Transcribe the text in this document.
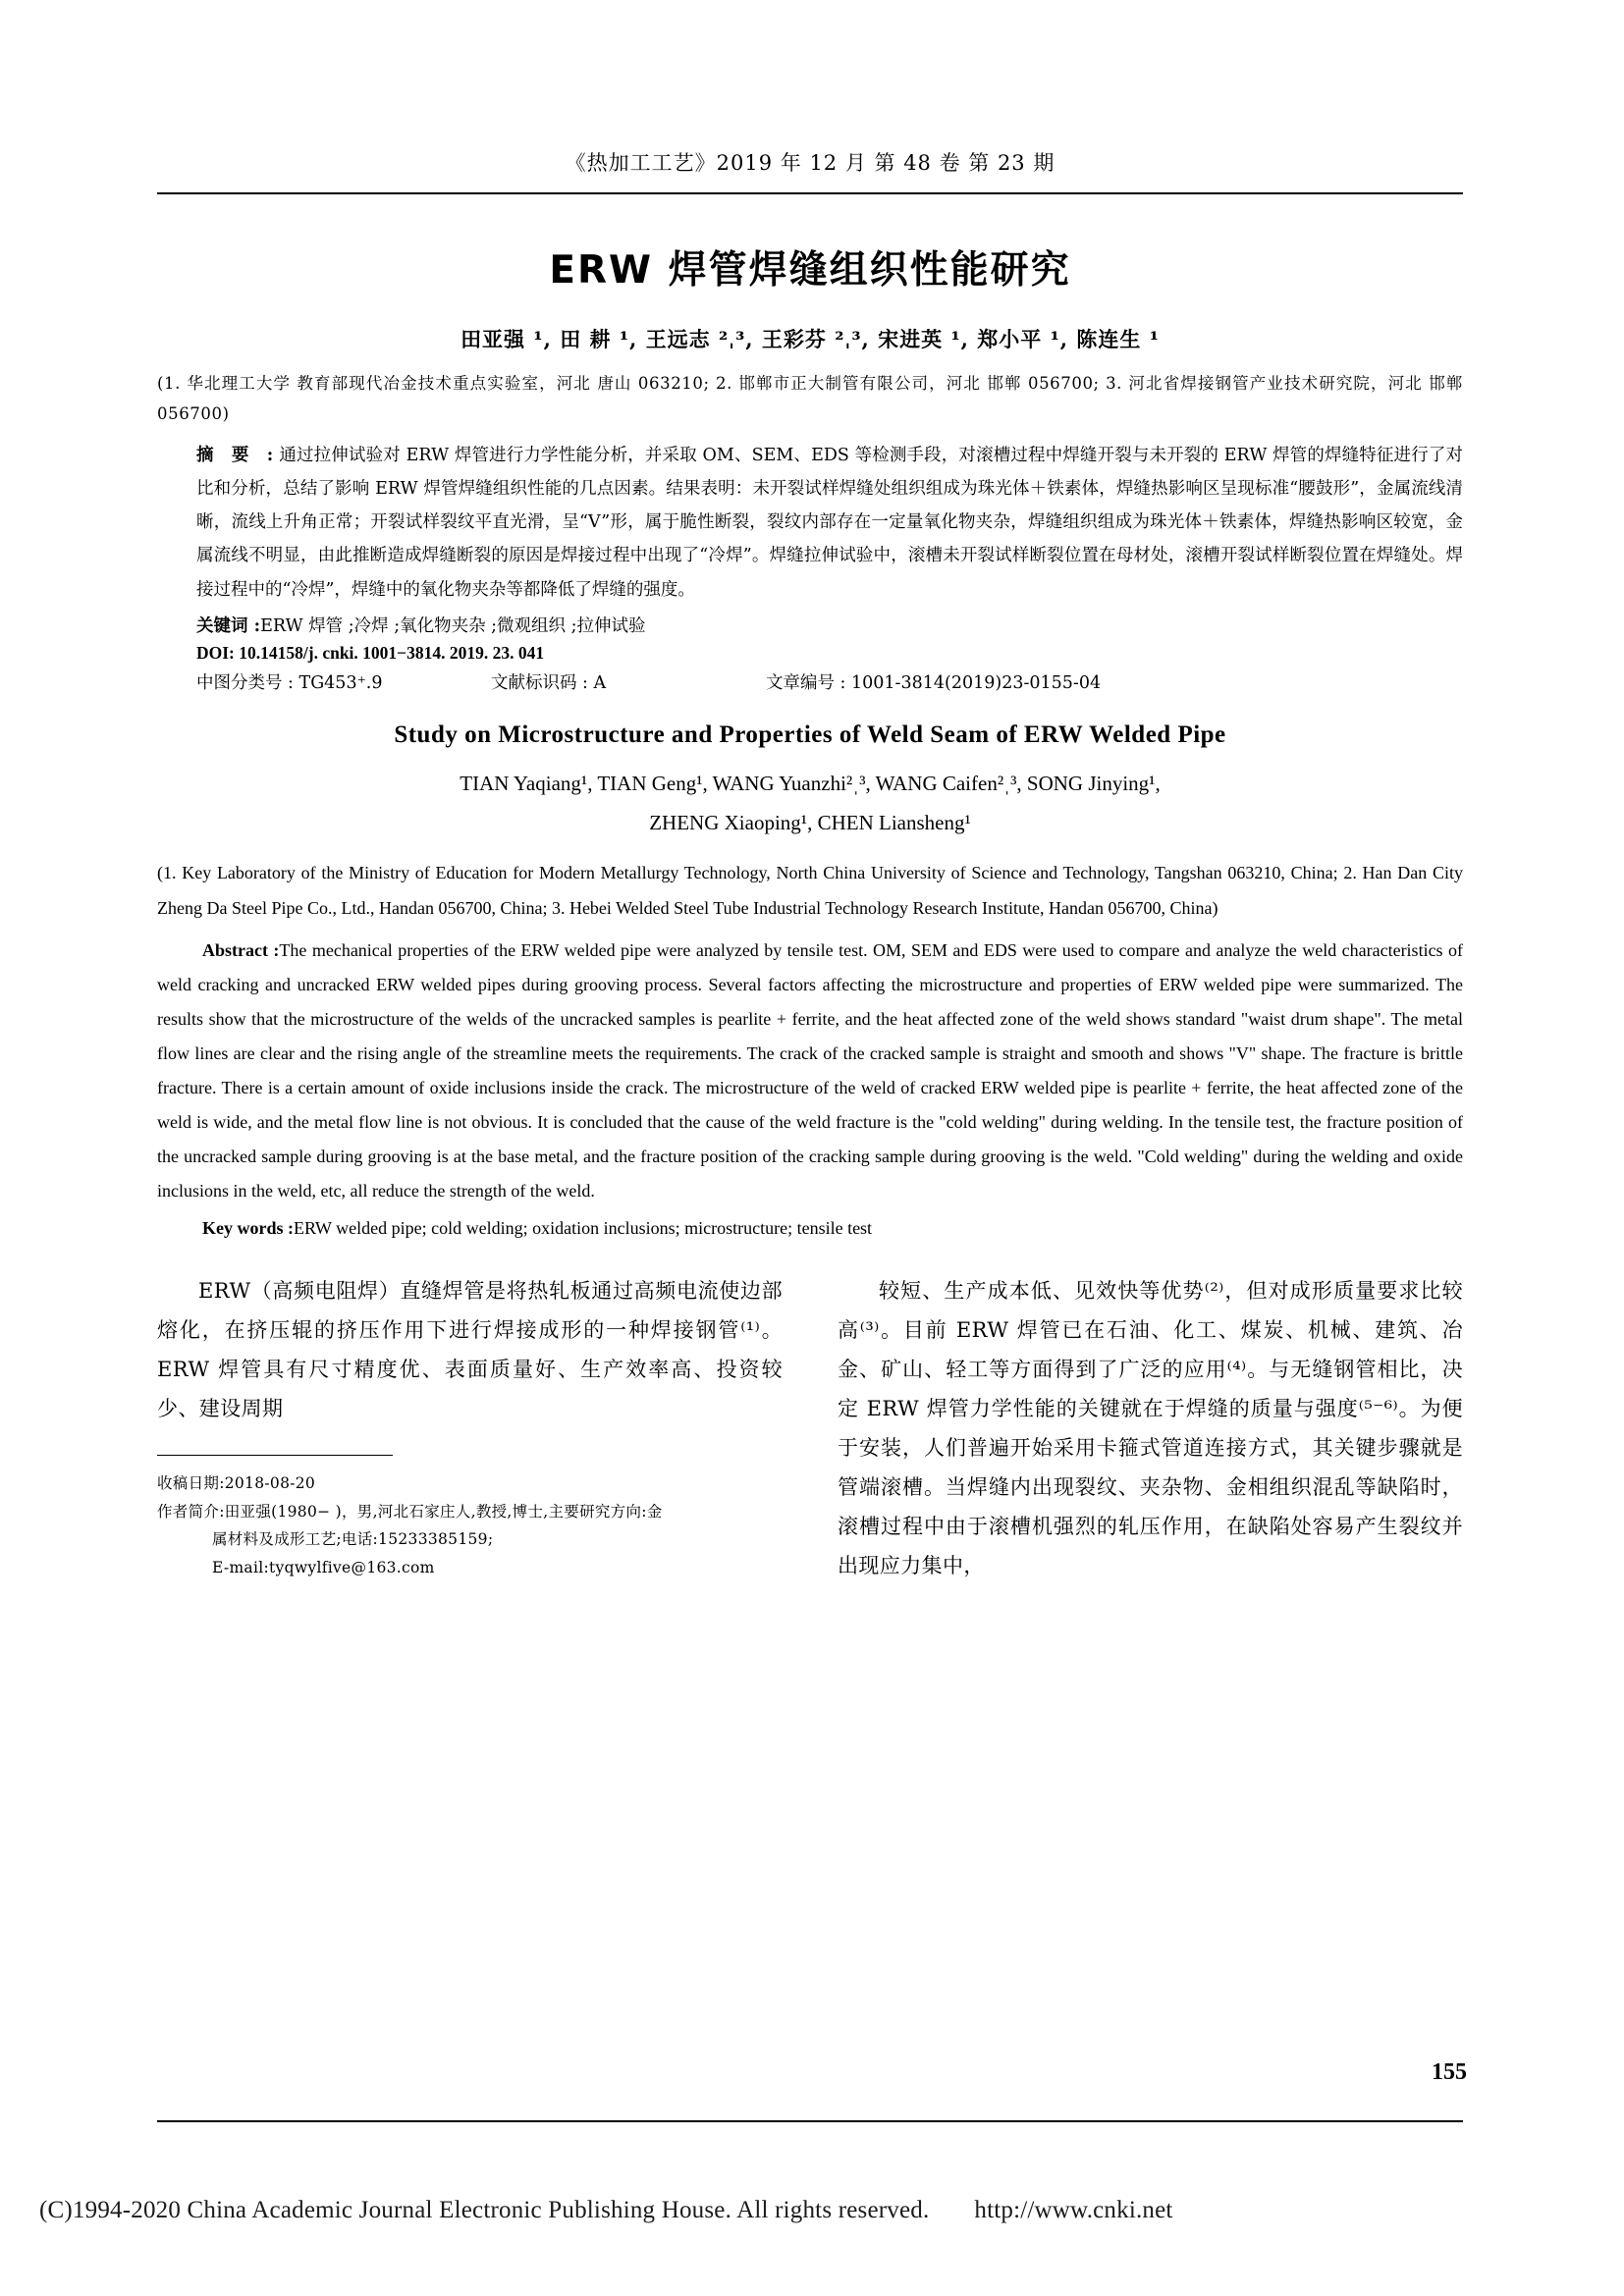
《热加工工艺》2019 年 12 月 第 48 卷 第 23 期
ERW 焊管焊缝组织性能研究
田亚强 ¹, 田 耕 ¹, 王远志 ²ˌ³, 王彩芬 ²ˌ³, 宋进英 ¹, 郑小平 ¹, 陈连生 ¹
(1. 华北理工大学 教育部现代冶金技术重点实验室，河北 唐山 063210; 2. 邯郸市正大制管有限公司，河北 邯郸 056700; 3. 河北省焊接钢管产业技术研究院，河北 邯郸 056700)
摘 要 :通过拉伸试验对 ERW 焊管进行力学性能分析，并采取 OM、SEM、EDS 等检测手段，对滚槽过程中焊缝开裂与未开裂的 ERW 焊管的焊缝特征进行了对比和分析，总结了影响 ERW 焊管焊缝组织性能的几点因素。结果表明：未开裂试样焊缝处组织组成为珠光体＋铁素体，焊缝热影响区呈现标准“腰鼓形”，金属流线清晰，流线上升角正常；开裂试样裂纹平直光滑，呈“V”形，属于脆性断裂，裂纹内部存在一定量氧化物夹杂，焊缝组织组成为珠光体＋铁素体，焊缝热影响区较宽，金属流线不明显，由此推断造成焊缝断裂的原因是焊接过程中出现了“冷焊”。焊缝拉伸试验中，滚槽未开裂试样断裂位置在母材处，滚槽开裂试样断裂位置在焊缝处。焊接过程中的“冷焊”，焊缝中的氧化物夹杂等都降低了焊缝的强度。
关键词 :ERW 焊管 ;冷焊 ;氧化物夹杂 ;微观组织 ;拉伸试验
DOI: 10.14158/j. cnki. 1001−3814. 2019. 23. 041
中图分类号 : TG453⁺.9	文献标识码 : A	文章编号 : 1001-3814(2019)23-0155-04
Study on Microstructure and Properties of Weld Seam of ERW Welded Pipe
TIAN Yaqiang¹, TIAN Geng¹, WANG Yuanzhi²ˌ³, WANG Caifen²ˌ³, SONG Jinying¹,
ZHENG Xiaoping¹, CHEN Liansheng¹
(1. Key Laboratory of the Ministry of Education for Modern Metallurgy Technology, North China University of Science and Technology, Tangshan 063210, China; 2. Han Dan City Zheng Da Steel Pipe Co., Ltd., Handan 056700, China; 3. Hebei Welded Steel Tube Industrial Technology Research Institute, Handan 056700, China)
Abstract :The mechanical properties of the ERW welded pipe were analyzed by tensile test. OM, SEM and EDS were used to compare and analyze the weld characteristics of weld cracking and uncracked ERW welded pipes during grooving process. Several factors affecting the microstructure and properties of ERW welded pipe were summarized. The results show that the microstructure of the welds of the uncracked samples is pearlite + ferrite, and the heat affected zone of the weld shows standard "waist drum shape". The metal flow lines are clear and the rising angle of the streamline meets the requirements. The crack of the cracked sample is straight and smooth and shows "V" shape. The fracture is brittle fracture. There is a certain amount of oxide inclusions inside the crack. The microstructure of the weld of cracked ERW welded pipe is pearlite + ferrite, the heat affected zone of the weld is wide, and the metal flow line is not obvious. It is concluded that the cause of the weld fracture is the "cold welding" during welding. In the tensile test, the fracture position of the uncracked sample during grooving is at the base metal, and the fracture position of the cracking sample during grooving is the weld. "Cold welding" during the welding and oxide inclusions in the weld, etc, all reduce the strength of the weld.
Key words :ERW welded pipe; cold welding; oxidation inclusions; microstructure; tensile test

ERW（高频电阻焊）直缝焊管是将热轧板通过高频电流使边部熔化，在挤压辊的挤压作用下进行焊接成形的一种焊接钢管⁽¹⁾。ERW 焊管具有尺寸精度优、表面质量好、生产效率高、投资较少、建设周期

收稿日期:2018-08-20
作者简介:田亚强(1980− )，男,河北石家庄人,教授,博士,主要研究方向:金
属材料及成形工艺;电话:15233385159;
E-mail:tyqwylfive@163.com

较短、生产成本低、见效快等优势⁽²⁾，但对成形质量要求比较高⁽³⁾。目前 ERW 焊管已在石油、化工、煤炭、机械、建筑、冶金、矿山、轻工等方面得到了广泛的应用⁽⁴⁾。与无缝钢管相比，决定 ERW 焊管力学性能的关键就在于焊缝的质量与强度⁽⁵⁻⁶⁾。为便于安装，人们普遍开始采用卡箍式管道连接方式，其关键步骤就是管端滚槽。当焊缝内出现裂纹、夹杂物、金相组织混乱等缺陷时，滚槽过程中由于滚槽机强烈的轧压作用，在缺陷处容易产生裂纹并出现应力集中，

155
(C)1994-2020 China Academic Journal Electronic Publishing House. All rights reserved. http://www.cnki.net
